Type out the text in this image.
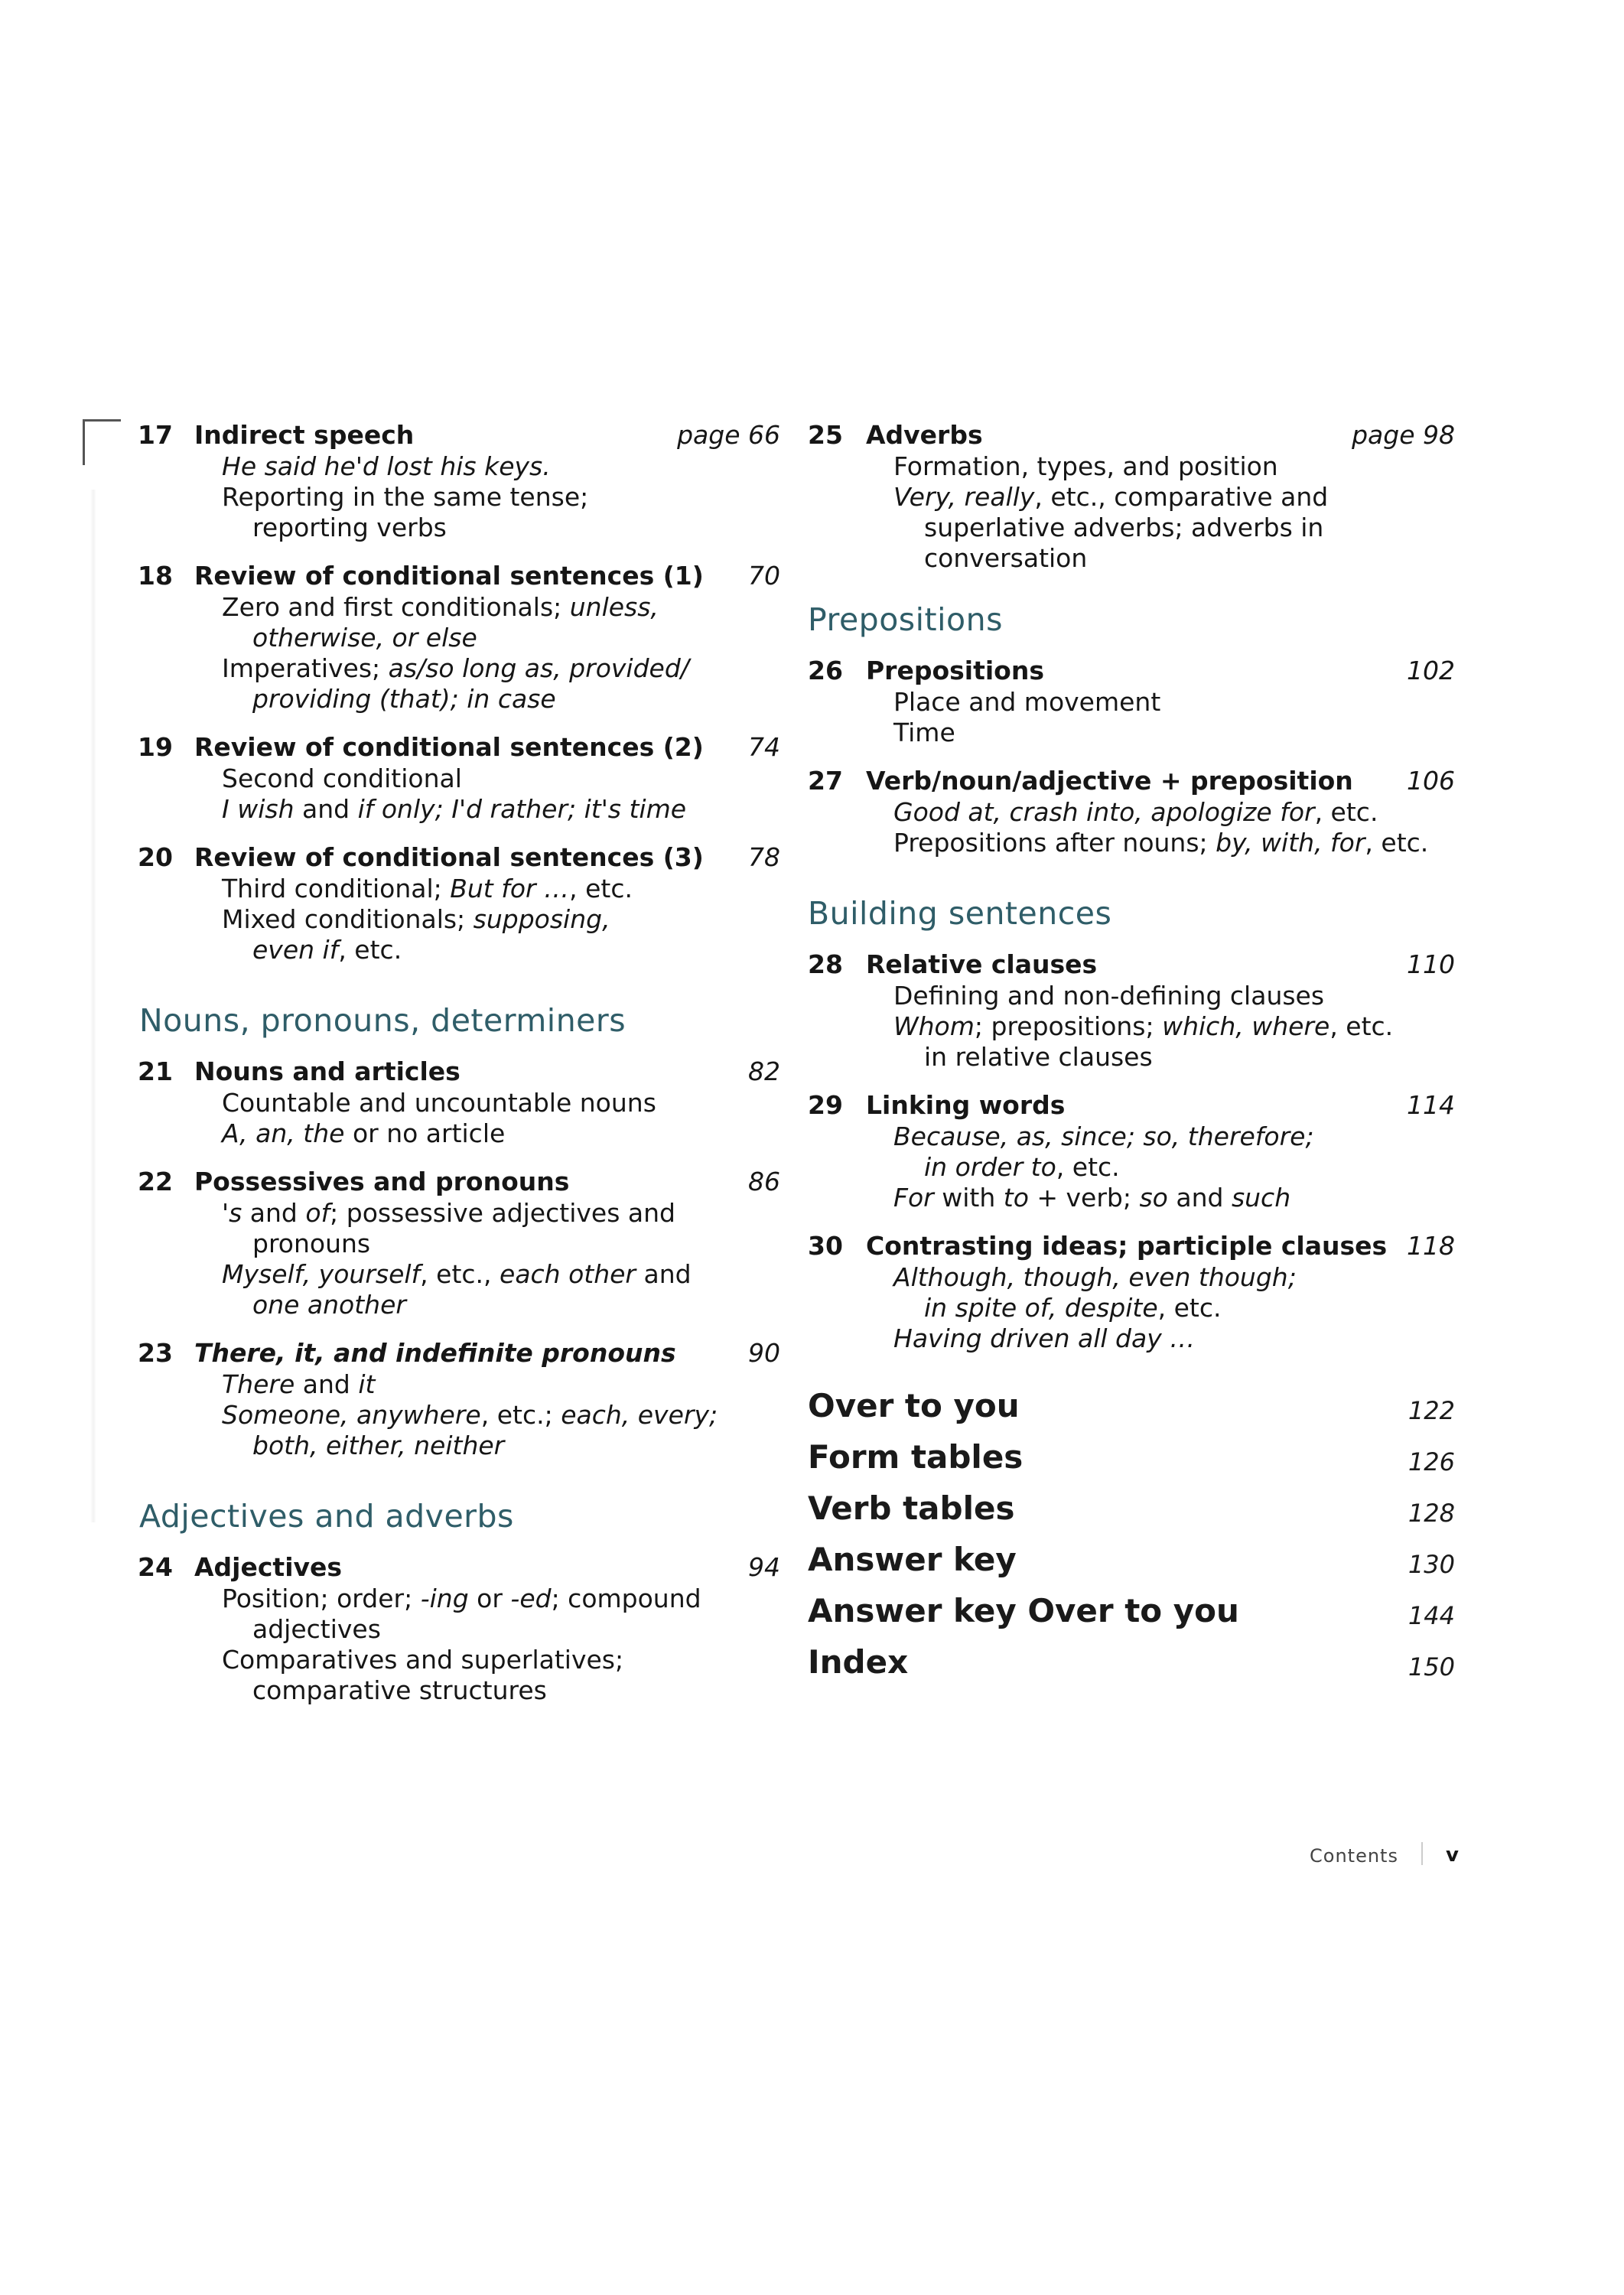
17 Indirect speech	page 66
He said he'd lost his keys.
Reporting in the same tense;
reporting verbs
18 Review of conditional sentences (1) 70
Zero and first conditionals; unless,
otherwise, or else
Imperatives; as/so long as, provided/
providing (that); in case
19 Review of conditional sentences (2) 74
Second conditional
I wish and if only; I'd rather; it's time
20 Review of conditional sentences (3) 78
Third conditional; But for …, etc.
Mixed conditionals; supposing,
even if, etc.
Nouns, pronouns, determiners
21 Nouns and articles	82
Countable and uncountable nouns
A, an, the or no article
22 Possessives and pronouns	86
's and of; possessive adjectives and
pronouns
Myself, yourself, etc., each other and
one another
23 There, it, and indefinite pronouns	90
There and it
Someone, anywhere, etc.; each, every;
both, either, neither
Adjectives and adverbs
24 Adjectives	94
Position; order; -ing or -ed; compound
adjectives
Comparatives and superlatives;
comparative structures
25 Adverbs	page 98
Formation, types, and position
Very, really, etc., comparative and
superlative adverbs; adverbs in
conversation
Prepositions
26 Prepositions	102
Place and movement
Time
27 Verb/noun/adjective + preposition 106
Good at, crash into, apologize for, etc.
Prepositions after nouns; by, with, for, etc.
Building sentences
28 Relative clauses	110
Defining and non-defining clauses
Whom; prepositions; which, where, etc.
in relative clauses
29 Linking words	114
Because, as, since; so, therefore;
in order to, etc.
For with to + verb; so and such
30 Contrasting ideas; participle clauses 118
Although, though, even though;
in spite of, despite, etc.
Having driven all day …
Over to you	122
Form tables	126
Verb tables	128
Answer key	130
Answer key Over to you	144
Index	150
Contents v
